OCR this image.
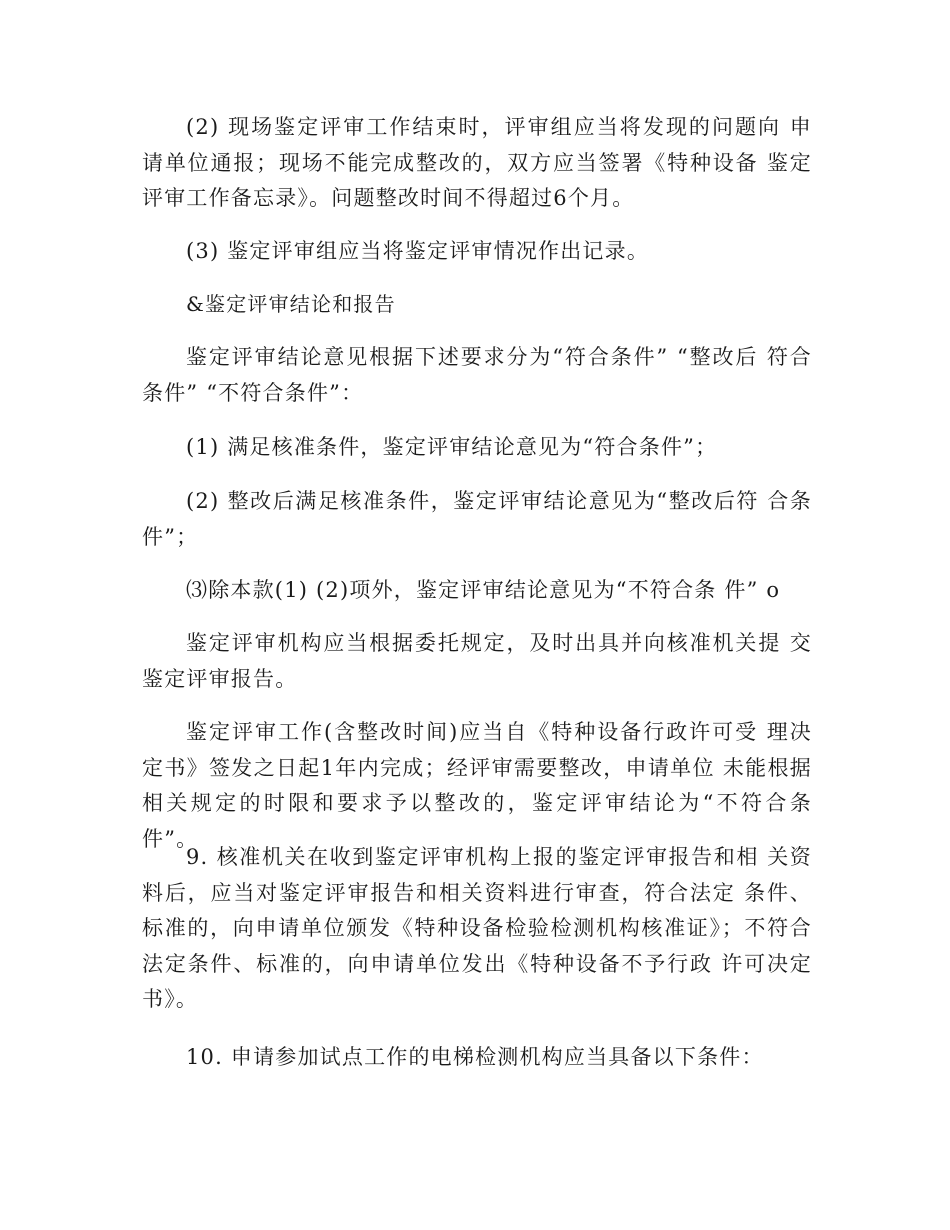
(2) 现场鉴定评审工作结束时，评审组应当将发现的问题向 申请单位通报；现场不能完成整改的，双方应当签署《特种设备 鉴定评审工作备忘录》。问题整改时间不得超过6个月。

(3) 鉴定评审组应当将鉴定评审情况作出记录。

&鉴定评审结论和报告

鉴定评审结论意见根据下述要求分为“符合条件” “整改后 符合条件” “不符合条件”：

(1) 满足核准条件，鉴定评审结论意见为“符合条件”；

(2) 整改后满足核准条件，鉴定评审结论意见为“整改后符 合条件”；

⑶除本款(1) (2)项外，鉴定评审结论意见为“不符合条 件” o

鉴定评审机构应当根据委托规定，及时出具并向核准机关提 交鉴定评审报告。

鉴定评审工作(含整改时间)应当自《特种设备行政许可受 理决定书》签发之日起1年内完成；经评审需要整改，申请单位 未能根据相关规定的时限和要求予以整改的，鉴定评审结论为“不符合条 件”。

9. 核准机关在收到鉴定评审机构上报的鉴定评审报告和相 关资料后，应当对鉴定评审报告和相关资料进行审查，符合法定 条件、标准的，向申请单位颁发《特种设备检验检测机构核准证》；不符合法定条件、标准的，向申请单位发出《特种设备不予行政 许可决定书》。

10. 申请参加试点工作的电梯检测机构应当具备以下条件：
